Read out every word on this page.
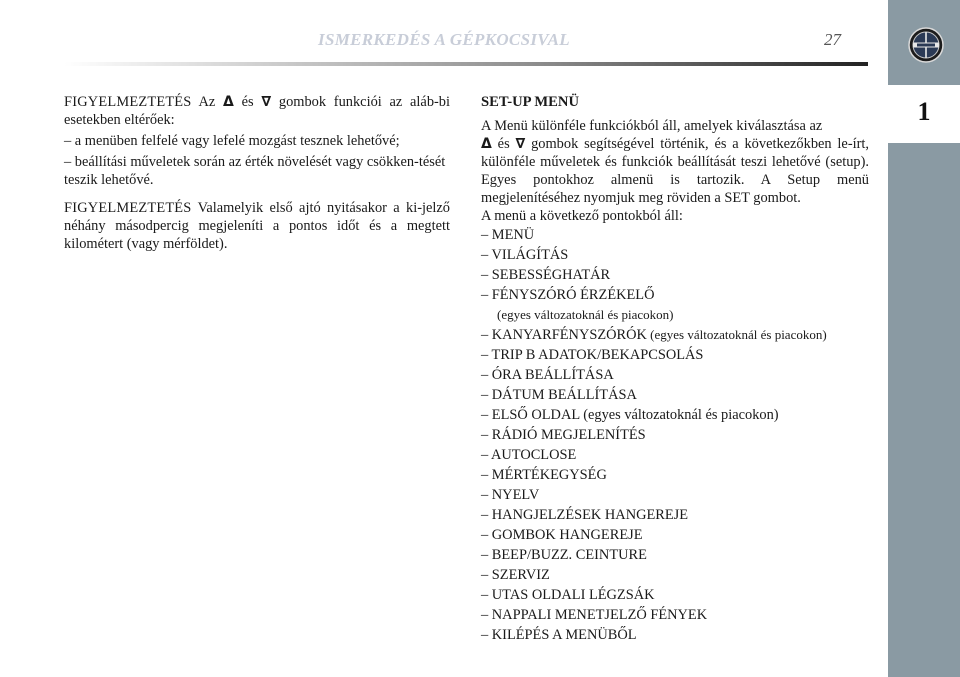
ISMERKEDÉS A GÉPKOCSIVAL	27
1

FIGYELMEZTETÉS Az Δ és ∇ gombok funkciói az aláb-bi esetekben eltérőek:

– a menüben felfelé vagy lefelé mozgást tesznek lehetővé;

– beállítási műveletek során az érték növelését vagy csökken-tését teszik lehetővé.

FIGYELMEZTETÉS Valamelyik első ajtó nyitásakor a ki-jelző néhány másodpercig megjeleníti a pontos időt és a megtett kilométert (vagy mérföldet).

SET-UP MENÜ

A Menü különféle funkciókból áll, amelyek kiválasztása az
Δ és ∇ gombok segítségével történik, és a következőkben le-írt, különféle műveletek és funkciók beállítását teszi lehetővé (setup). Egyes pontokhoz almenü is tartozik. A Setup menü megjelenítéséhez nyomjuk meg röviden a SET gombot.

A menü a következő pontokból áll:

– MENÜ
– VILÁGÍTÁS
– SEBESSÉGHATÁR
– FÉNYSZÓRÓ ÉRZÉKELŐ
(egyes változatoknál és piacokon)
– KANYARFÉNYSZÓRÓK (egyes változatoknál és piacokon)
– TRIP B ADATOK/BEKAPCSOLÁS
– ÓRA BEÁLLÍTÁSA
– DÁTUM BEÁLLÍTÁSA
– ELSŐ OLDAL (egyes változatoknál és piacokon)
– RÁDIÓ MEGJELENÍTÉS
– AUTOCLOSE
– MÉRTÉKEGYSÉG
– NYELV
– HANGJELZÉSEK HANGEREJE
– GOMBOK HANGEREJE
– BEEP/BUZZ. CEINTURE
– SZERVIZ
– UTAS OLDALI LÉGZSÁK
– NAPPALI MENETJELZŐ FÉNYEK
– KILÉPÉS A MENÜBŐL
